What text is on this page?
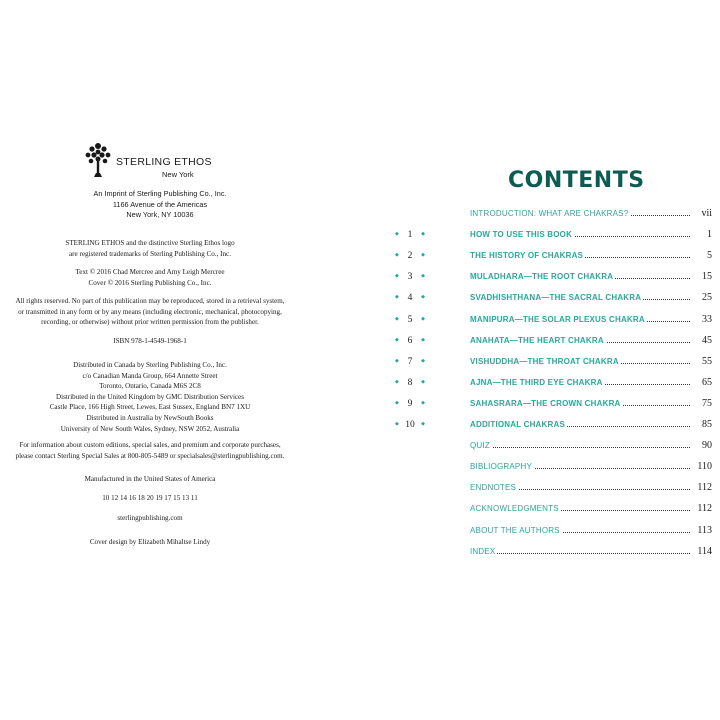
STERLING ETHOS
New York
An Imprint of Sterling Publishing Co., Inc.
1166 Avenue of the Americas
New York, NY 10036
STERLING ETHOS and the distinctive Sterling Ethos logo
are registered trademarks of Sterling Publishing Co., Inc.
Text © 2016 Chad Mercree and Amy Leigh Mercree
Cover © 2016 Sterling Publishing Co., Inc.
All rights reserved. No part of this publication may be reproduced, stored in a retrieval system,
or transmitted in any form or by any means (including electronic, mechanical, photocopying,
recording, or otherwise) without prior written permission from the publisher.
ISBN 978-1-4549-1968-1
Distributed in Canada by Sterling Publishing Co., Inc.
c/o Canadian Manda Group, 664 Annette Street
Toronto, Ontario, Canada M6S 2C8
Distributed in the United Kingdom by GMC Distribution Services
Castle Place, 166 High Street, Lewes, East Sussex, England BN7 1XU
Distributed in Australia by NewSouth Books
University of New South Wales, Sydney, NSW 2052, Australia
For information about custom editions, special sales, and premium and corporate purchases,
please contact Sterling Special Sales at 800-805-5489 or specialsales@sterlingpublishing.com.
Manufactured in the United States of America
10 12 14 16 18 20 19 17 15 13 11
sterlingpublishing.com
Cover design by Elizabeth Mihaltse Lindy
CONTENTS
INTRODUCTION: WHAT ARE CHAKRAS?	vii
◆ 1 ◆	HOW TO USE THIS BOOK	1
◆ 2 ◆	THE HISTORY OF CHAKRAS	5
◆ 3 ◆	MULADHARA—THE ROOT CHAKRA	15
◆ 4 ◆	SVADHISHTHANA—THE SACRAL CHAKRA	25
◆ 5 ◆	MANIPURA—THE SOLAR PLEXUS CHAKRA	33
◆ 6 ◆	ANAHATA—THE HEART CHAKRA	45
◆ 7 ◆	VISHUDDHA—THE THROAT CHAKRA	55
◆ 8 ◆	AJNA—THE THIRD EYE CHAKRA	65
◆ 9 ◆	SAHASRARA—THE CROWN CHAKRA	75
◆ 10 ◆	ADDITIONAL CHAKRAS	85
QUIZ	90
BIBLIOGRAPHY	110
ENDNOTES	112
ACKNOWLEDGMENTS	112
ABOUT THE AUTHORS	113
INDEX	114
